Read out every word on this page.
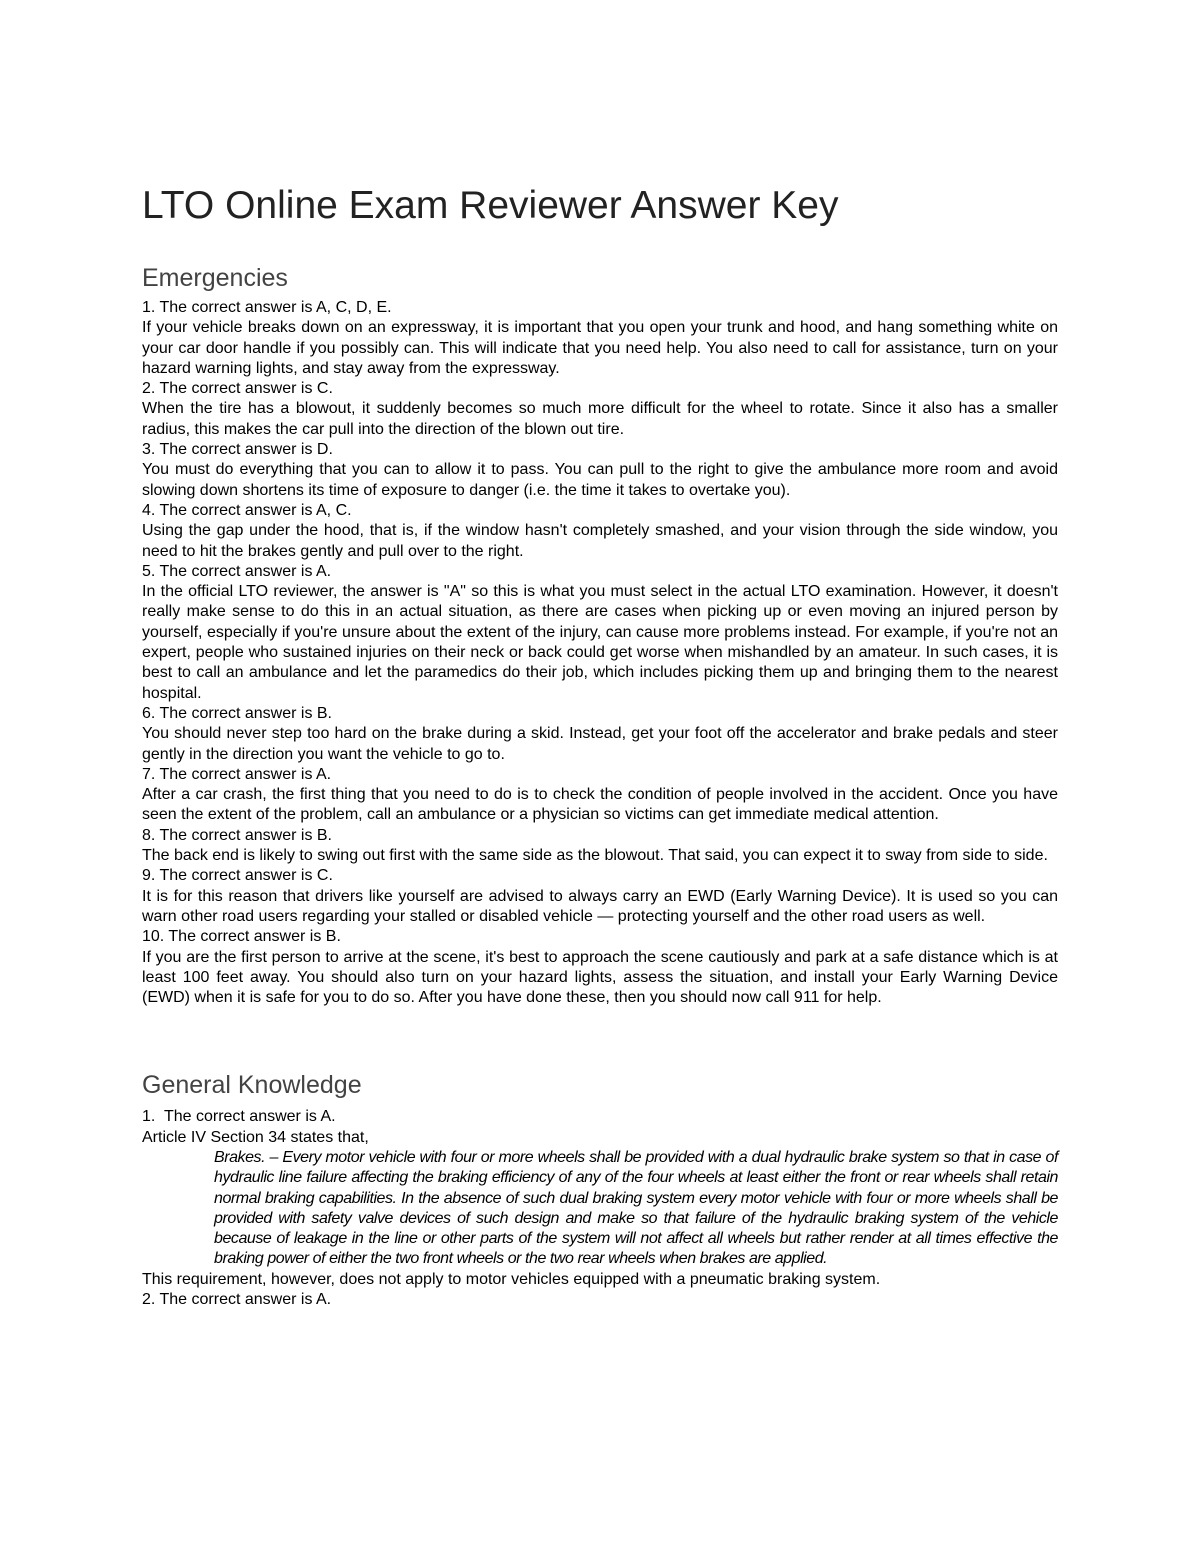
LTO Online Exam Reviewer Answer Key
Emergencies

1. The correct answer is A, C, D, E.

If your vehicle breaks down on an expressway, it is important that you open your trunk and hood, and hang something white on your car door handle if you possibly can. This will indicate that you need help. You also need to call for assistance, turn on your hazard warning lights, and stay away from the expressway.

2. The correct answer is C.

When the tire has a blowout, it suddenly becomes so much more difficult for the wheel to rotate. Since it also has a smaller radius, this makes the car pull into the direction of the blown out tire.

3. The correct answer is D.

You must do everything that you can to allow it to pass. You can pull to the right to give the ambulance more room and avoid slowing down shortens its time of exposure to danger (i.e. the time it takes to overtake you).

4. The correct answer is A, C.

Using the gap under the hood, that is, if the window hasn't completely smashed, and your vision through the side window, you need to hit the brakes gently and pull over to the right.

5. The correct answer is A.

In the official LTO reviewer, the answer is "A" so this is what you must select in the actual LTO examination. However, it doesn't really make sense to do this in an actual situation, as there are cases when picking up or even moving an injured person by yourself, especially if you're unsure about the extent of the injury, can cause more problems instead. For example, if you're not an expert, people who sustained injuries on their neck or back could get worse when mishandled by an amateur. In such cases, it is best to call an ambulance and let the paramedics do their job, which includes picking them up and bringing them to the nearest hospital.

6. The correct answer is B.

You should never step too hard on the brake during a skid. Instead, get your foot off the accelerator and brake pedals and steer gently in the direction you want the vehicle to go to.

7. The correct answer is A.

After a car crash, the first thing that you need to do is to check the condition of people involved in the accident. Once you have seen the extent of the problem, call an ambulance or a physician so victims can get immediate medical attention.

8. The correct answer is B.

The back end is likely to swing out first with the same side as the blowout. That said, you can expect it to sway from side to side.

9. The correct answer is C.

It is for this reason that drivers like yourself are advised to always carry an EWD (Early Warning Device). It is used so you can warn other road users regarding your stalled or disabled vehicle — protecting yourself and the other road users as well.

10. The correct answer is B.

If you are the first person to arrive at the scene, it's best to approach the scene cautiously and park at a safe distance which is at least 100 feet away. You should also turn on your hazard lights, assess the situation, and install your Early Warning Device (EWD) when it is safe for you to do so. After you have done these, then you should now call 911 for help.

General Knowledge

1.  The correct answer is A.

Article IV Section 34 states that,

Brakes. – Every motor vehicle with four or more wheels shall be provided with a dual hydraulic brake system so that in case of hydraulic line failure affecting the braking efficiency of any of the four wheels at least either the front or rear wheels shall retain normal braking capabilities. In the absence of such dual braking system every motor vehicle with four or more wheels shall be provided with safety valve devices of such design and make so that failure of the hydraulic braking system of the vehicle because of leakage in the line or other parts of the system will not affect all wheels but rather render at all times effective the braking power of either the two front wheels or the two rear wheels when brakes are applied.

This requirement, however, does not apply to motor vehicles equipped with a pneumatic braking system.

2. The correct answer is A.
